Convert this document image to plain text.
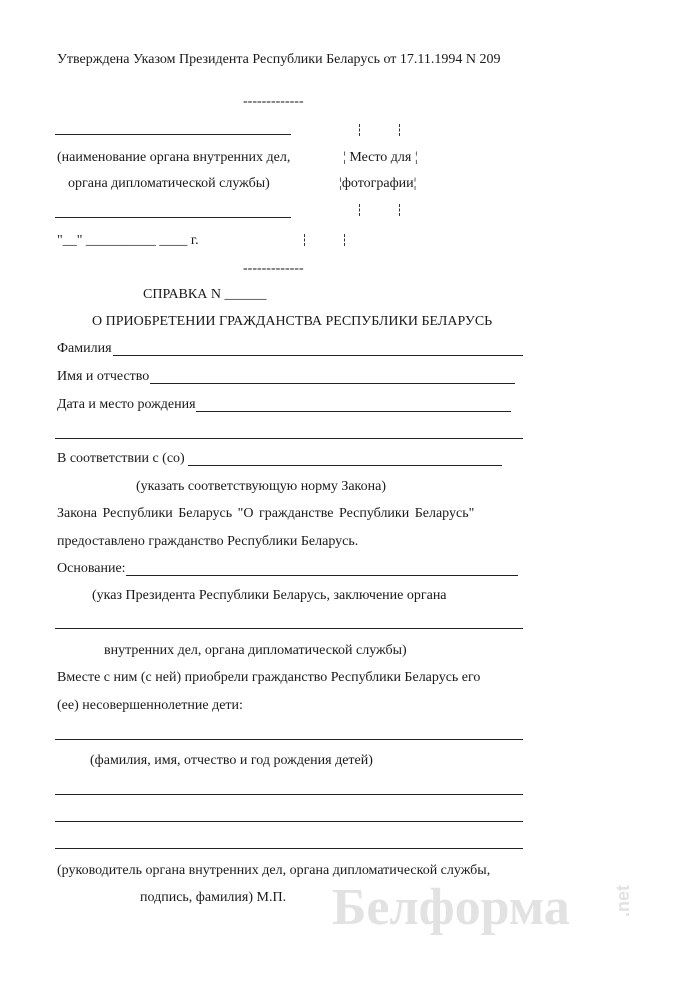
Утверждена Указом Президента Республики Беларусь от 17.11.1994 N 209
-------------
(наименование органа внутренних дел,
органа дипломатической службы)
"__" __________ ____ г.
-------------
¦ Место для ¦
¦фотографии¦
СПРАВКА N ______
О ПРИОБРЕТЕНИИ ГРАЖДАНСТВА РЕСПУБЛИКИ БЕЛАРУСЬ
Фамилия
Имя и отчество
Дата и место рождения
В соответствии с (со)
(указать соответствующую норму Закона)
Закона Республики Беларусь "О гражданстве Республики Беларусь"
предоставлено гражданство Республики Беларусь.
Основание:
(указ Президента Республики Беларусь, заключение органа
внутренних дел, органа дипломатической службы)
Вместе с ним (с ней) приобрели гражданство Республики Беларусь его
(ее) несовершеннолетние дети:
(фамилия, имя, отчество и год рождения детей)
(руководитель органа внутренних дел, органа дипломатической службы,
подпись, фамилия) М.П. Белформа .net
